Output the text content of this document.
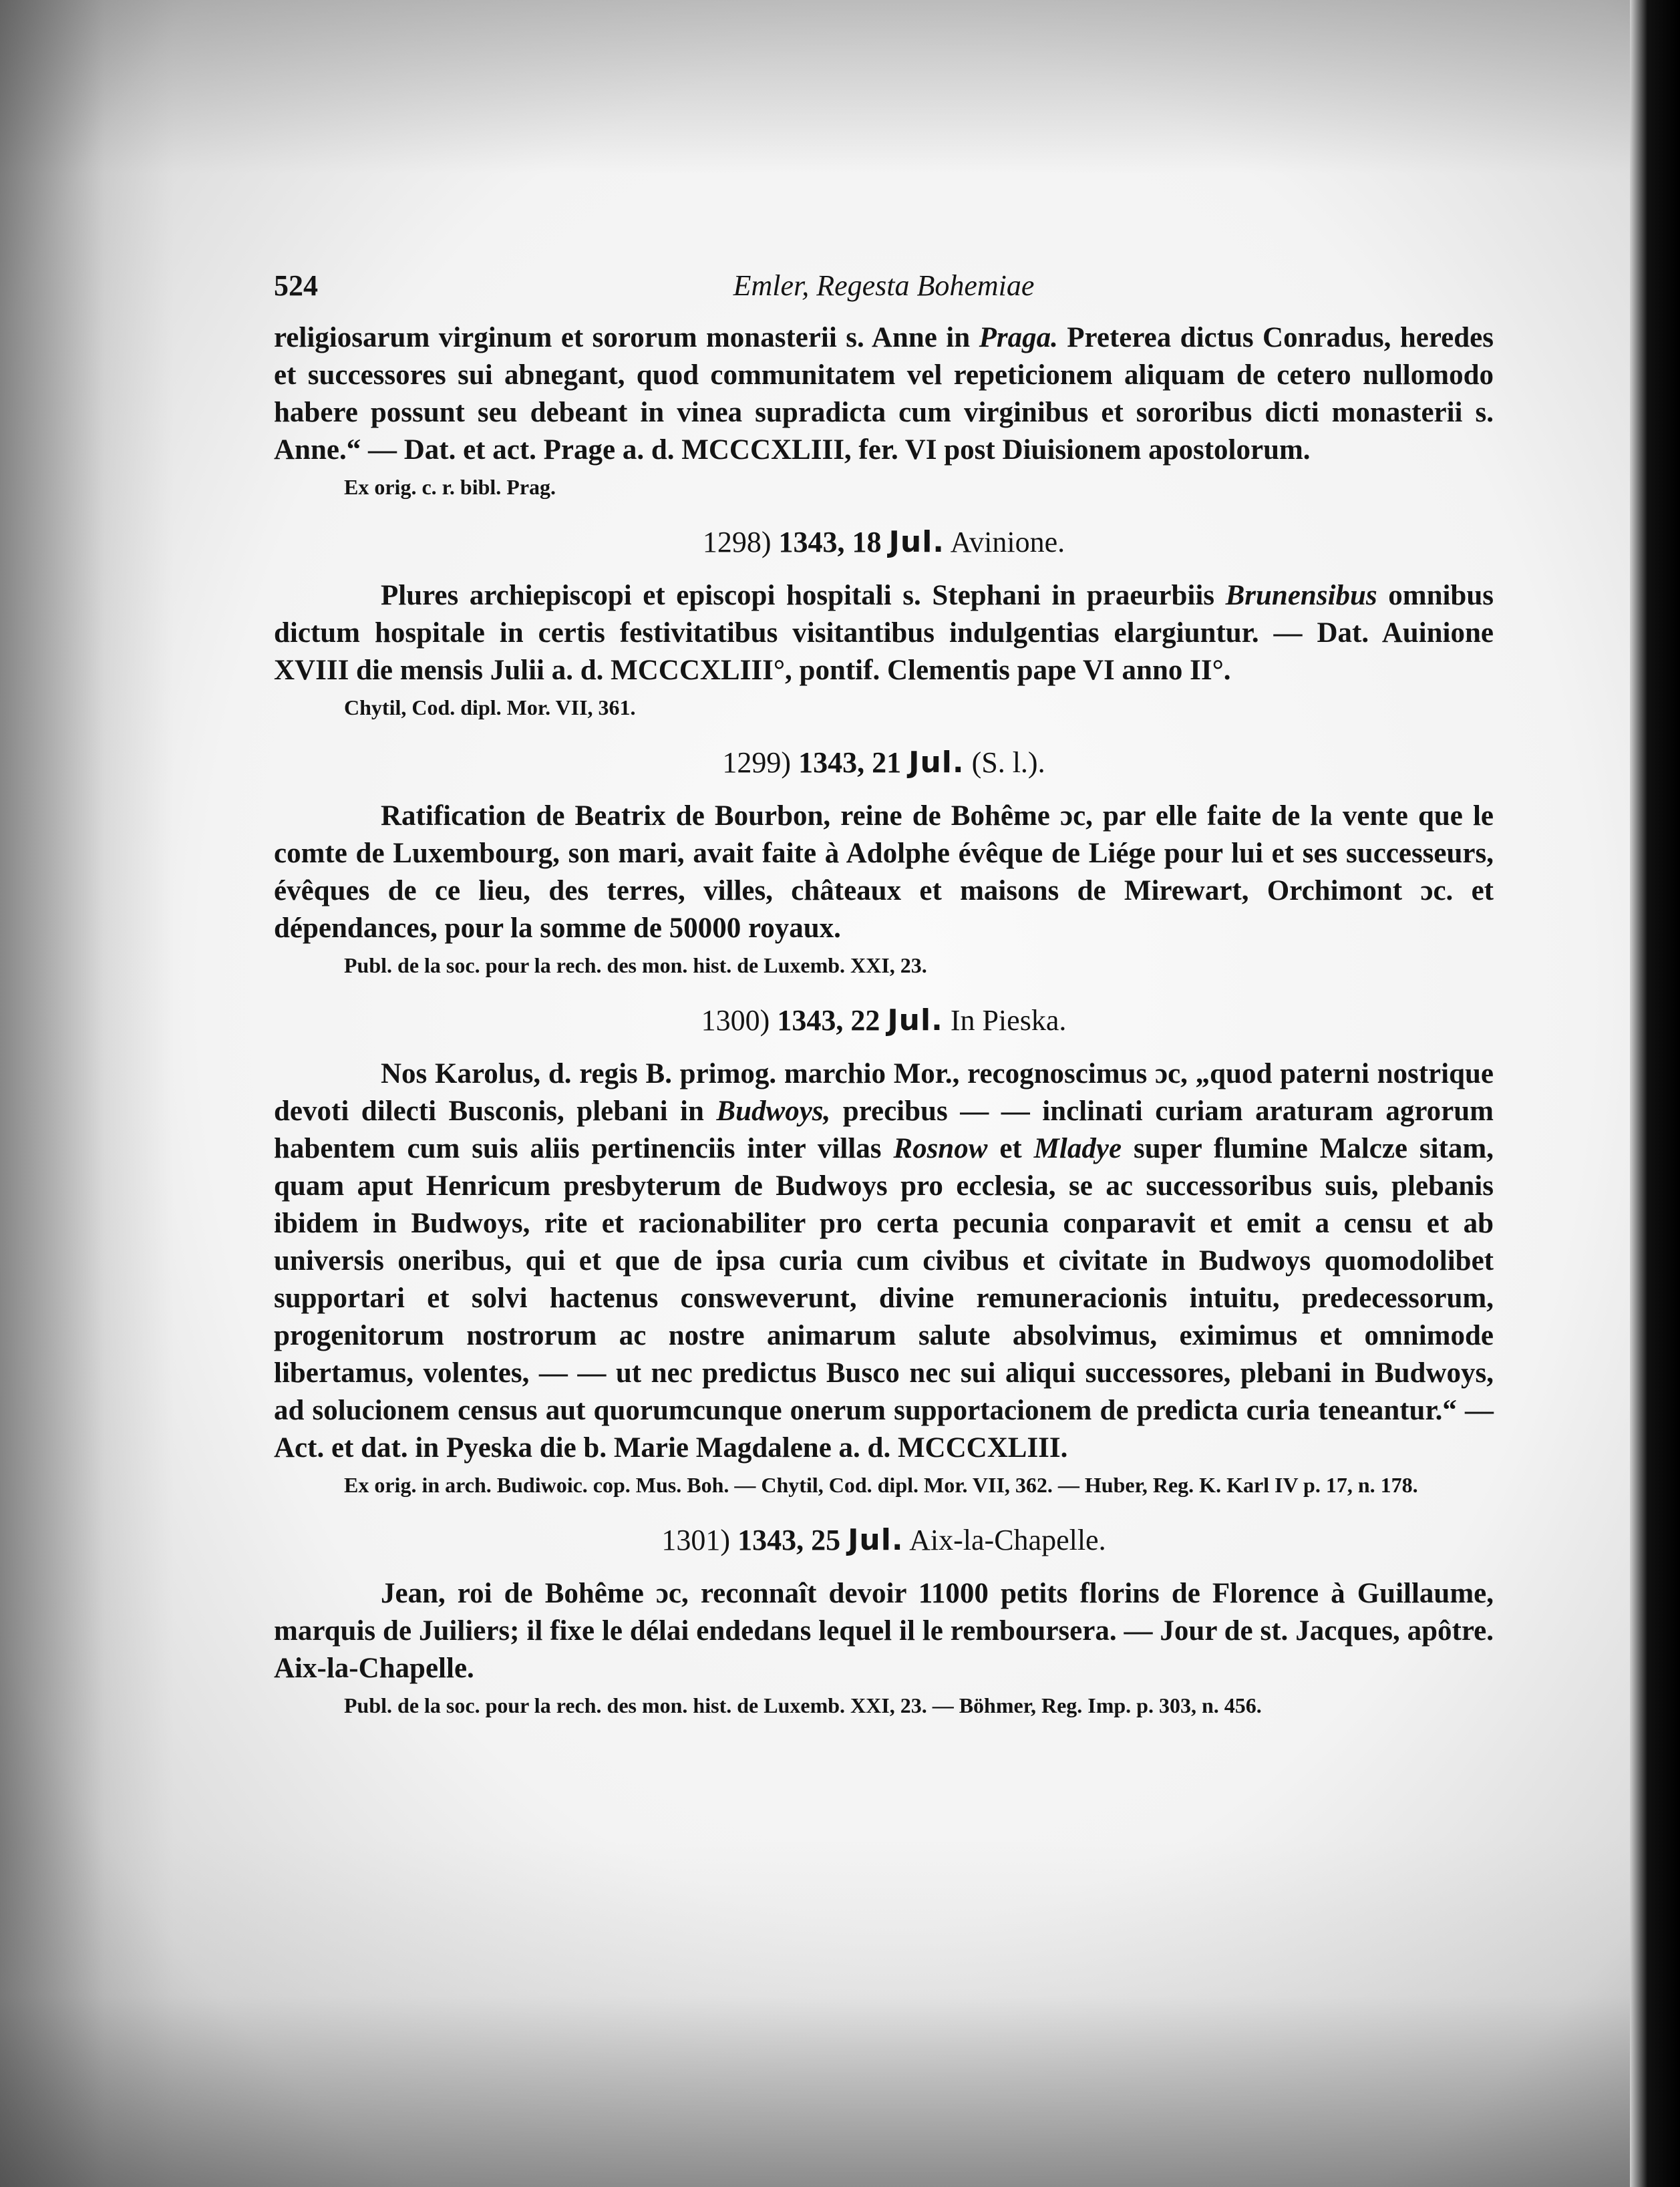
524	Emler, Regesta Bohemiae

religiosarum virginum et sororum monasterii s. Anne in Praga. Preterea dictus Conradus, heredes et successores sui abnegant, quod communitatem vel repeticionem aliquam de cetero nullomodo habere possunt seu debeant in vinea supradicta cum virginibus et sororibus dicti monasterii s. Anne.“ — Dat. et act. Prage a. d. MCCCXLIII, fer. VI post Diuisionem apostolorum.

Ex orig. c. r. bibl. Prag.

1298) 1343, 18 Jul. Avinione.

Plures archiepiscopi et episcopi hospitali s. Stephani in praeurbiis Brunensibus omnibus dictum hospitale in certis festivitatibus visitantibus indulgentias elargiuntur. — Dat. Auinione XVIII die mensis Julii a. d. MCCCXLIII°, pontif. Clementis pape VI anno II°.

Chytil, Cod. dipl. Mor. VII, 361.

1299) 1343, 21 Jul. (S. l.).

Ratification de Beatrix de Bourbon, reine de Bohême ɔc, par elle faite de la vente que le comte de Luxembourg, son mari, avait faite à Adolphe évêque de Liége pour lui et ses successeurs, évêques de ce lieu, des terres, villes, châteaux et maisons de Mirewart, Orchimont ɔc. et dépendances, pour la somme de 50000 royaux.

Publ. de la soc. pour la rech. des mon. hist. de Luxemb. XXI, 23.

1300) 1343, 22 Jul. In Pieska.

Nos Karolus, d. regis B. primog. marchio Mor., recognoscimus ɔc, „quod paterni nostrique devoti dilecti Busconis, plebani in Budwoys, precibus — — inclinati curiam araturam agrorum habentem cum suis aliis pertinenciis inter villas Rosnow et Mladye super flumine Malcze sitam, quam aput Henricum presbyterum de Budwoys pro ecclesia, se ac successoribus suis, plebanis ibidem in Budwoys, rite et racionabiliter pro certa pecunia conparavit et emit a censu et ab universis oneribus, qui et que de ipsa curia cum civibus et civitate in Budwoys quomodolibet supportari et solvi hactenus consweverunt, divine remuneracionis intuitu, predecessorum, progenitorum nostrorum ac nostre animarum salute absolvimus, eximimus et omnimode libertamus, volentes, — — ut nec predictus Busco nec sui aliqui successores, plebani in Budwoys, ad solucionem census aut quorumcunque onerum supportacionem de predicta curia teneantur.“ — Act. et dat. in Pyeska die b. Marie Magdalene a. d. MCCCXLIII.

Ex orig. in arch. Budiwoic. cop. Mus. Boh. — Chytil, Cod. dipl. Mor. VII, 362. — Huber, Reg. K. Karl IV p. 17, n. 178.

1301) 1343, 25 Jul. Aix-la-Chapelle.

Jean, roi de Bohême ɔc, reconnaît devoir 11000 petits florins de Florence à Guillaume, marquis de Juiliers; il fixe le délai endedans lequel il le remboursera. — Jour de st. Jacques, apôtre. Aix-la-Chapelle.

Publ. de la soc. pour la rech. des mon. hist. de Luxemb. XXI, 23. — Böhmer, Reg. Imp. p. 303, n. 456.
